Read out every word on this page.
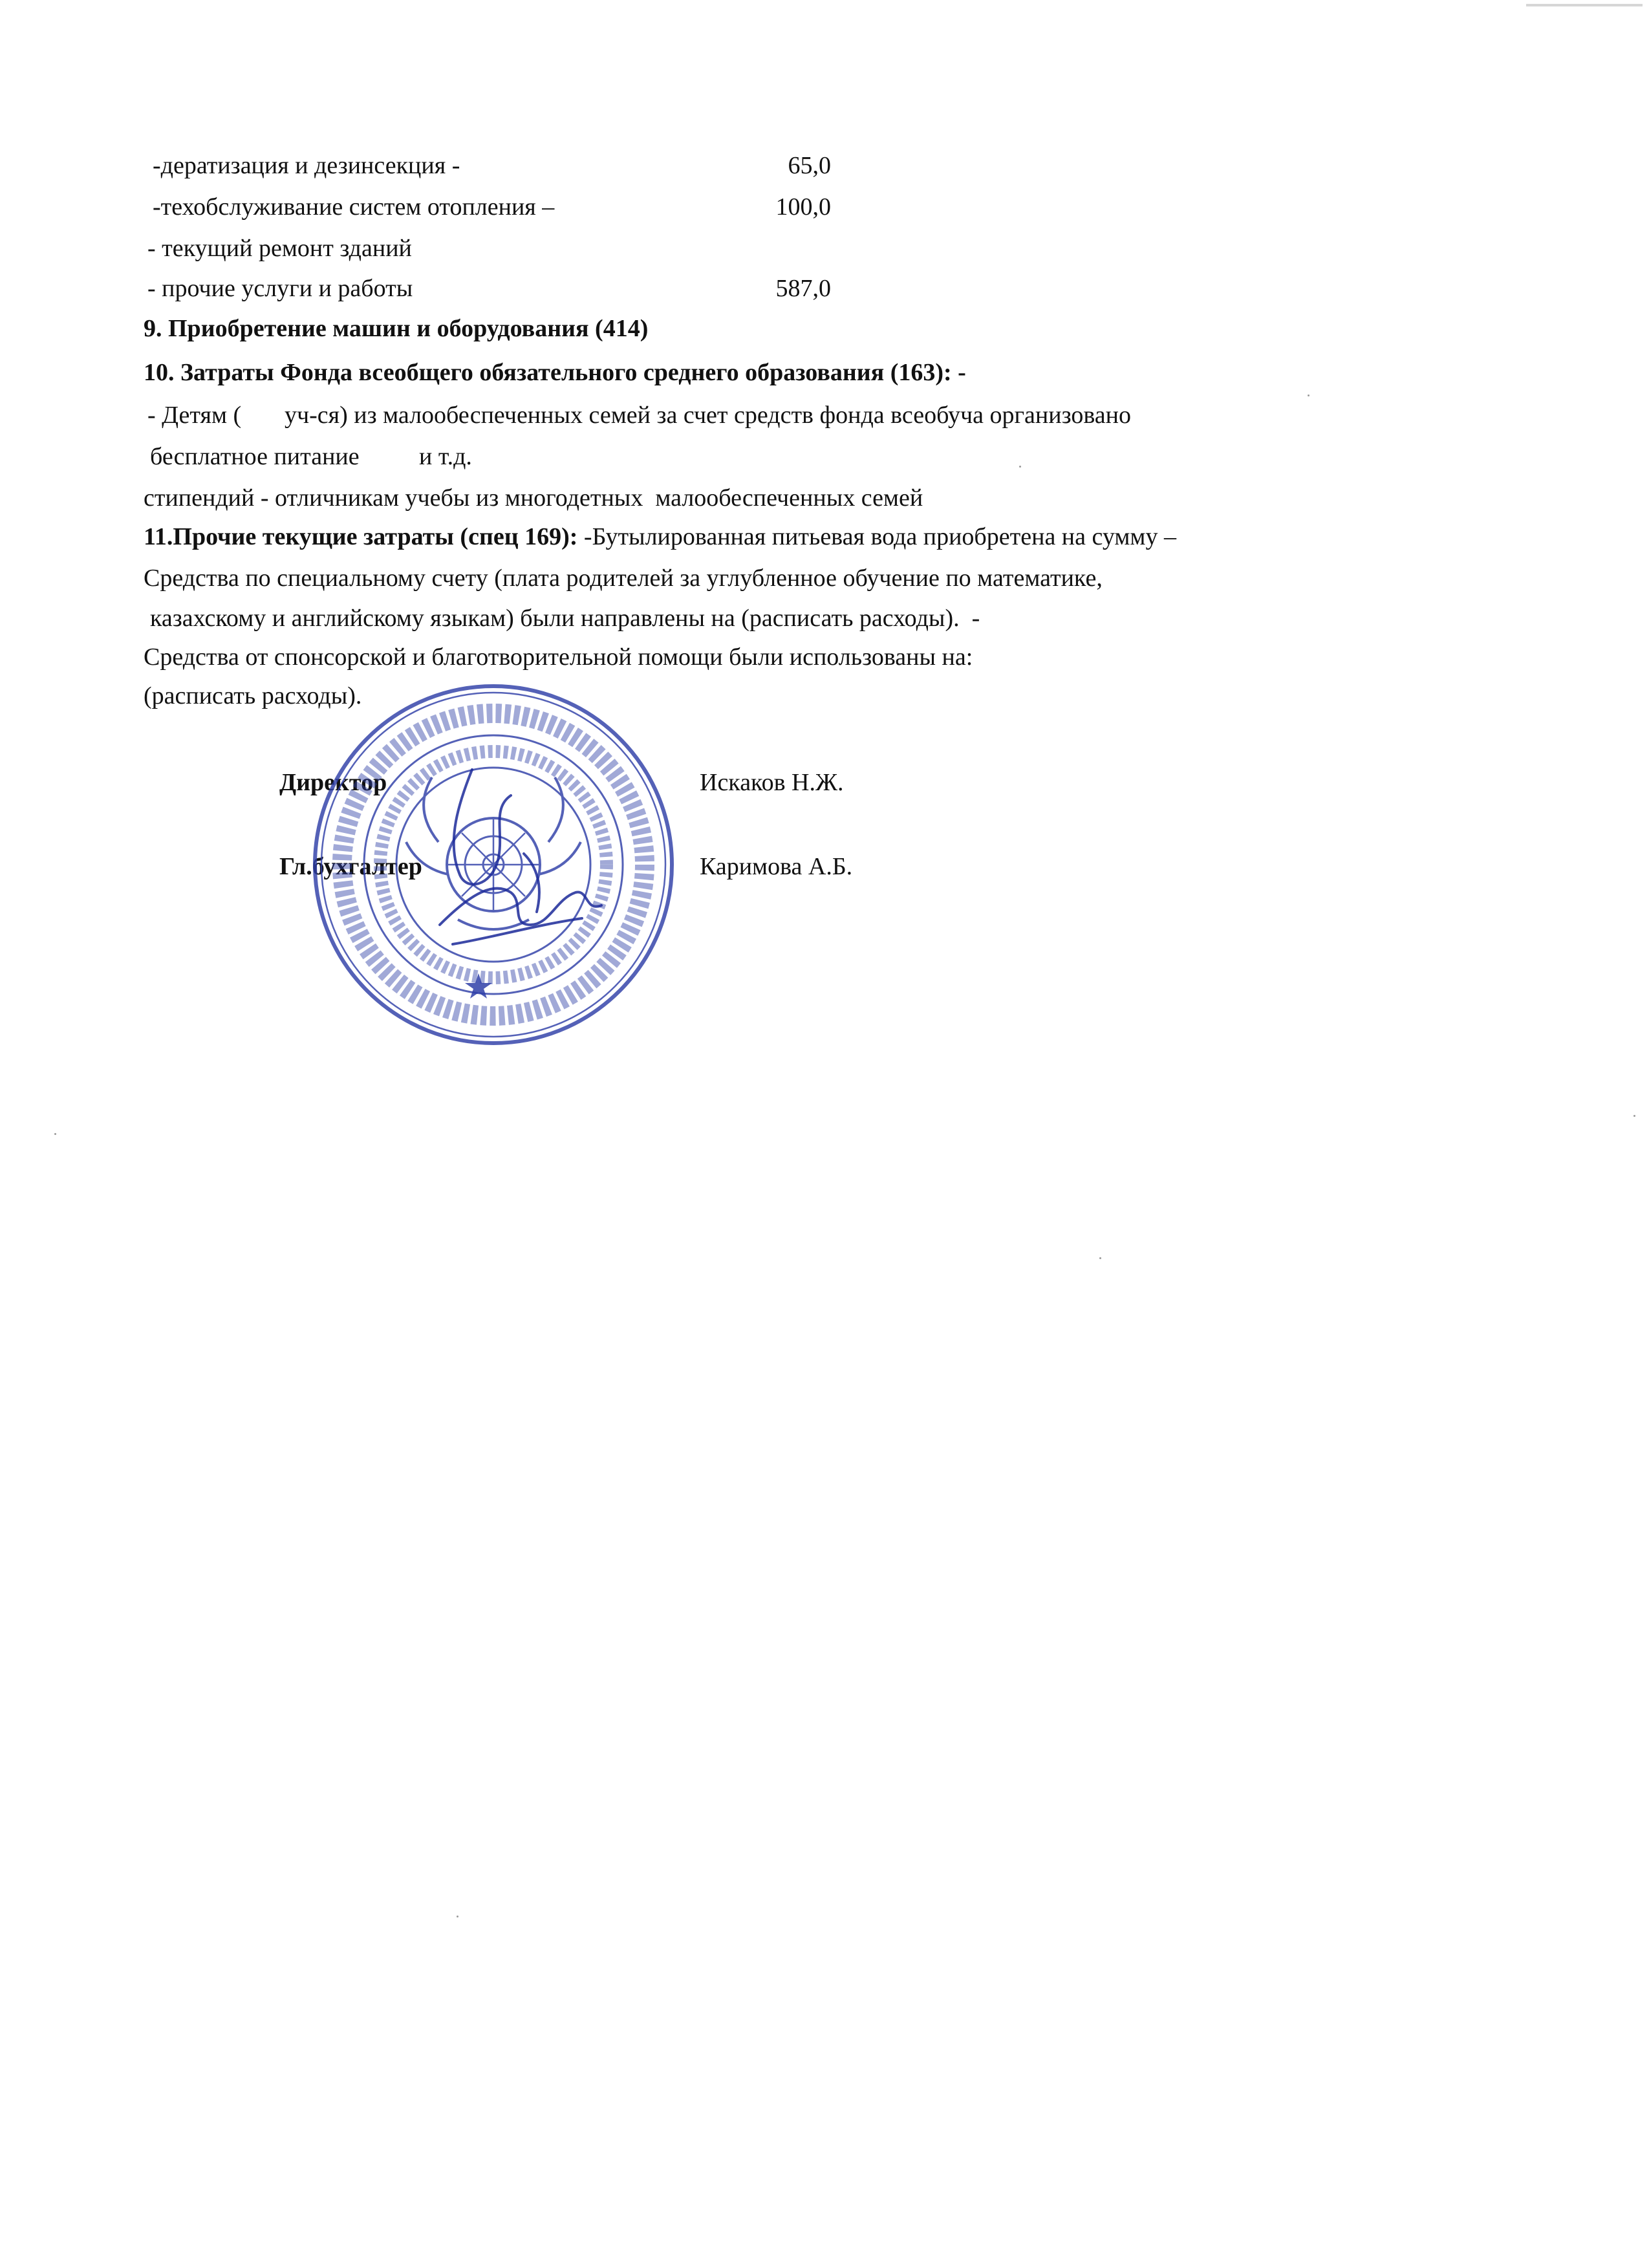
-дератизация и дезинсекция -	65,0
-техобслуживание систем отопления –	100,0
- текущий ремонт зданий
- прочие услуги и работы	587,0
9. Приобретение машин и оборудования (414)
10. Затраты Фонда всеобщего обязательного среднего образования (163): -
- Детям ( уч-ся) из малообеспеченных семей за счет средств фонда всеобуча организовано
бесплатное питание и т.д.
стипендий - отличникам учебы из многодетных  малообеспеченных семей
11.Прочие текущие затраты (спец 169): -Бутылированная питьевая вода приобретена на сумму –
Средства по специальному счету (плата родителей за углубленное обучение по математике,
казахскому и английскому языкам) были направлены на (расписать расходы).  -
Средства от спонсорской и благотворительной помощи были использованы на:
(расписать расходы).
Директор	Искаков Н.Ж.
Гл.бухгалтер	Каримова А.Б.
